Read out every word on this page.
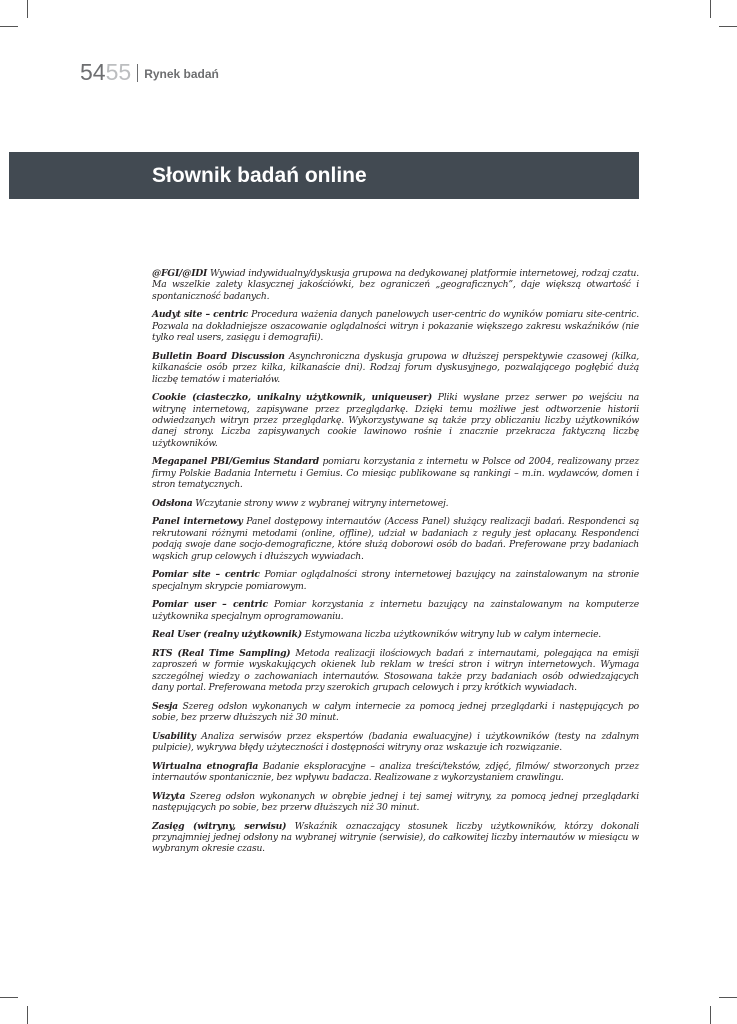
54 55 Rynek badań
Słownik badań online

@FGI/@IDI Wywiad indywidualny/dyskusja grupowa na dedykowanej platformie internetowej, rodzaj czatu. Ma wszelkie zalety klasycznej jakościówki, bez ograniczeń „geograficznych”, daje większą otwartość i spontaniczność badanych.

Audyt site – centric Procedura ważenia danych panelowych user-centric do wyników pomiaru site-centric. Pozwala na dokładniejsze oszacowanie oglądalności witryn i pokazanie większego zakresu wskaźników (nie tylko real users, zasięgu i demografii).

Bulletin Board Discussion Asynchroniczna dyskusja grupowa w dłuższej perspektywie czasowej (kilka, kilkanaście osób przez kilka, kilkanaście dni). Rodzaj forum dyskusyjnego, pozwalającego pogłębić dużą liczbę tematów i materiałów.

Cookie (ciasteczko, unikalny użytkownik, uniqueuser) Pliki wysłane przez serwer po wejściu na witrynę internetową, zapisywane przez przeglądarkę. Dzięki temu możliwe jest odtworzenie historii odwiedzanych witryn przez przeglądarkę. Wykorzystywane są także przy obliczaniu liczby użytkowników danej strony. Liczba zapisywanych cookie lawinowo rośnie i znacznie przekracza faktyczną liczbę użytkowników.

Megapanel PBI/Gemius Standard pomiaru korzystania z internetu w Polsce od 2004, realizowany przez firmy Polskie Badania Internetu i Gemius. Co miesiąc publikowane są rankingi – m.in. wydawców, domen i stron tematycznych.

Odsłona Wczytanie strony www z wybranej witryny internetowej.

Panel internetowy Panel dostępowy internautów (Access Panel) służący realizacji badań. Respondenci są rekrutowani różnymi metodami (online, offline), udział w badaniach z reguły jest opłacany. Respondenci podają swoje dane socjo-demograficzne, które służą doborowi osób do badań. Preferowane przy badaniach wąskich grup celowych i dłuższych wywiadach.

Pomiar site – centric Pomiar oglądalności strony internetowej bazujący na zainstalowanym na stronie specjalnym skrypcie pomiarowym.

Pomiar user – centric Pomiar korzystania z internetu bazujący na zainstalowanym na komputerze użytkownika specjalnym oprogramowaniu.

Real User (realny użytkownik) Estymowana liczba użytkowników witryny lub w całym internecie.

RTS (Real Time Sampling) Metoda realizacji ilościowych badań z internautami, polegająca na emisji zaproszeń w formie wyskakujących okienek lub reklam w treści stron i witryn internetowych. Wymaga szczególnej wiedzy o zachowaniach internautów. Stosowana także przy badaniach osób odwiedzających dany portal. Preferowana metoda przy szerokich grupach celowych i przy krótkich wywiadach.

Sesja Szereg odsłon wykonanych w całym internecie za pomocą jednej przeglądarki i następujących po sobie, bez przerw dłuższych niż 30 minut.

Usability Analiza serwisów przez ekspertów (badania ewaluacyjne) i użytkowników (testy na zdalnym pulpicie), wykrywa błędy użyteczności i dostępności witryny oraz wskazuje ich rozwiązanie.

Wirtualna etnografia Badanie eksploracyjne – analiza treści/tekstów, zdjęć, filmów/ stworzonych przez internautów spontanicznie, bez wpływu badacza. Realizowane z wykorzystaniem crawlingu.

Wizyta Szereg odsłon wykonanych w obrębie jednej i tej samej witryny, za pomocą jednej przeglądarki następujących po sobie, bez przerw dłuższych niż 30 minut.

Zasięg (witryny, serwisu) Wskaźnik oznaczający stosunek liczby użytkowników, którzy dokonali przynajmniej jednej odsłony na wybranej witrynie (serwisie), do całkowitej liczby internautów w miesiącu w wybranym okresie czasu.
